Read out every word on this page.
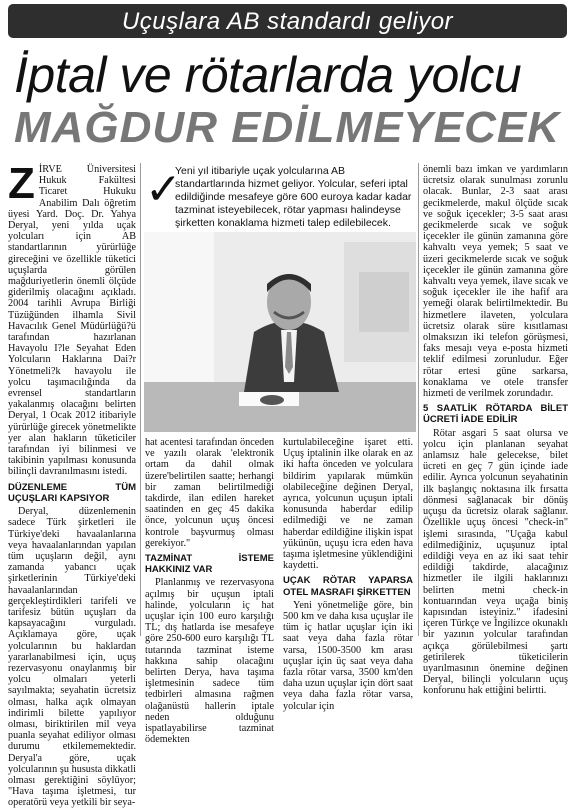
Uçuşlara AB standardı geliyor
İptal ve rötarlarda yolcu
MAĞDUR EDİLMEYECEK
Z İRVE Üniversitesi Hukuk Fakültesi Ticaret Hukuku Anabilim Dalı öğretim üyesi Yard. Doç. Dr. Yahya Deryal, yeni yılda uçak yolcuları için AB standartlarının yürürlüğe gireceğini ve özellikle tüketici uçuşlarda görülen mağduriyetlerin önemli ölçüde giderilmiş olacağını açıkladı. 2004 tarihli Avrupa Birliği Tüzüğünden ilhamla Sivil Havacılık Genel Müdürlüğü?ü tarafından hazırlanan Havayolu I?le Seyahat Eden Yolcuların Haklarına Dai?r Yönetmeli?k havayolu ile yolcu taşımacılığında da evrensel standartların yakalanmış olacağını belirten Deryal, 1 Ocak 2012 itibariyle yürürlüğe girecek yönetmelikte yer alan hakların tüketiciler tarafından iyi bilinmesi ve takibinin yapılması konusunda bilinçli davranılmasını istedi.
DÜZENLEME TÜM UÇUŞLARI KAPSIYOR

Deryal, düzenlemenin sadece Türk şirketleri ile Türkiye'deki havaalanlarına veya havaalanlarından yapılan tüm uçuşların değil, aynı zamanda yabancı uçak şirketlerinin Türkiye'deki havaalanlarından gerçekleştirdikleri tarifeli ve tarifesiz bütün uçuşları da kapsayacağını vurguladı. Açıklamaya göre, uçak yolcularının bu haklardan yararlanabilmesi için, uçuş rezervasyonu onaylanmış bir yolcu olmaları yeterli sayılmakta; seyahatin ücretsiz olması, halka açık olmayan indirimli bilette yapılıyor olması, biriktirilen mil veya puanla seyahat ediliyor olması durumu etkilememektedir. Deryal'a göre, uçak yolcularının şu hususta dikkatli olması gerektiğini söylüyor; "Hava taşıma işletmesi, tur operatörü veya yetkili bir seya-

✓
Yeni yıl itibariyle uçak yolcularına AB standartlarında hizmet geliyor. Yolcular, seferi iptal edildiğinde mesafeye göre 600 euroya kadar kadar tazminat isteyebilecek, rötar yapması halindeyse şirketten konaklama hizmeti talep edilebilecek.

hat acentesi tarafından önceden ve yazılı olarak 'elektronik ortam da dahil olmak üzere'belirtilen saatte; herhangi bir zaman belirtilmediği takdirde, ilan edilen hareket saatinden en geç 45 dakika önce, yolcunun uçuş öncesi kontrole başvurmuş olması gerekiyor."

TAZMİNAT İSTEME HAKKINIZ VAR

Planlanmış ve rezervasyona açılmış bir uçuşun iptali halinde, yolcuların iç hat uçuşlar için 100 euro karşılığı TL; dış hatlarda ise mesafeye göre 250-600 euro karşılığı TL tutarında tazminat isteme hakkına sahip olacağını belirten Derya, hava taşıma işletmesinin sadece tüm tedbirleri almasına rağmen olağanüstü hallerin iptale neden olduğunu ispatlayabilirse tazminat ödemekten

kurtulabileceğine işaret etti. Uçuş iptalinin ilke olarak en az iki hafta önceden ve yolculara bildirim yapılarak mümkün olabileceğine değinen Deryal, ayrıca, yolcunun uçuşun iptali konusunda haberdar edilip edilmediği ve ne zaman haberdar edildiğine ilişkin ispat yükünün, uçuşu icra eden hava taşıma işletmesine yüklendiğini kaydetti.

UÇAK RÖTAR YAPARSA OTEL MASRAFI ŞİRKETTEN

Yeni yönetmeliğe göre, bin 500 km ve daha kısa uçuşlar ile tüm iç hatlar uçuşlar için iki saat veya daha fazla rötar varsa, 1500-3500 km arası uçuşlar için üç saat veya daha fazla rötar varsa, 3500 km'den daha uzun uçuşlar için dört saat veya daha fazla rötar varsa, yolcular için

önemli bazı imkan ve yardımların ücretsiz olarak sunulması zorunlu olacak. Bunlar, 2-3 saat arası gecikmelerde, makul ölçüde sıcak ve soğuk içecekler; 3-5 saat arası gecikmelerde sıcak ve soğuk içecekler ile günün zamanına göre kahvaltı veya yemek; 5 saat ve üzeri gecikmelerde sıcak ve soğuk içecekler ile günün zamanına göre kahvaltı veya yemek, ilave sıcak ve soğuk içecekler ile ihe hafif ara yemeği olarak belirtilmektedir. Bu hizmetlere ilaveten, yolculara ücretsiz olarak süre kısıtlaması olmaksızın iki telefon görüşmesi, faks mesajı veya e-posta hizmeti teklif edilmesi zorunludur. Eğer rötar ertesi güne sarkarsa, konaklama ve otele transfer hizmeti de verilmek zorundadır.

5 SAATLİK RÖTARDA BİLET ÜCRETİ İADE EDİLİR

Rötar asgari 5 saat olursa ve yolcu için planlanan seyahat anlamsız hale gelecekse, bilet ücreti en geç 7 gün içinde iade edilir. Ayrıca yolcunun seyahatinin ilk başlangıç noktasına ilk fırsatta dönmesi sağlanacak bir dönüş uçuşu da ücretsiz olarak sağlanır. Özellikle uçuş öncesi "check-in" işlemi sırasında, "Uçağa kabul edilmediğiniz, uçuşunuz iptal edildiği veya en az iki saat tehir edildiği takdirde, alacağınız hizmetler ile ilgili haklarınızı belirten metni check-in kontuarından veya uçağa biniş kapısından isteyiniz." ifadesini içeren Türkçe ve İngilizce okunaklı bir yazının yolcular tarafından açıkça görülebilmesi şartı getirilerek tüketicilerin uyarılmasının önemine değinen Deryal, bilinçli yolcuların uçuş konforunu hak ettiğini belirtti.
